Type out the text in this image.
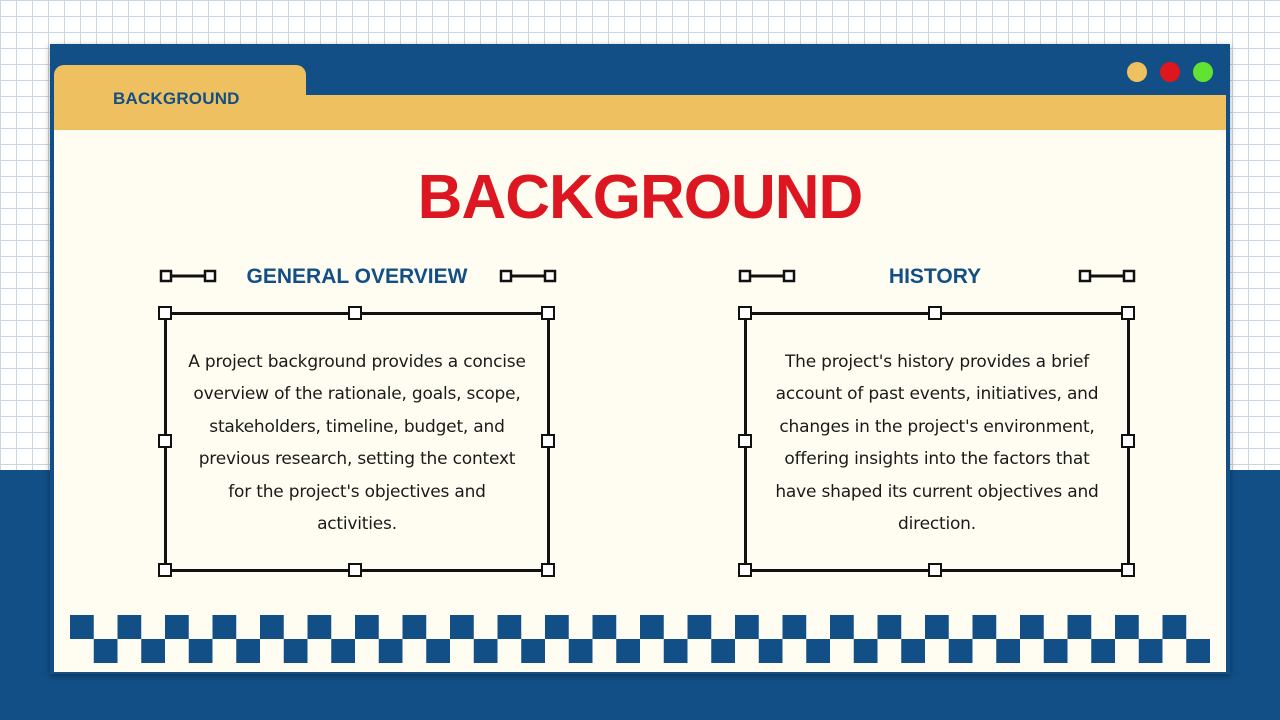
BACKGROUND
BACKGROUND
GENERAL OVERVIEW
A project background provides a concise overview of the rationale, goals, scope, stakeholders, timeline, budget, and previous research, setting the context for the project's objectives and activities.
HISTORY
The project's history provides a brief account of past events, initiatives, and changes in the project's environment, offering insights into the factors that have shaped its current objectives and direction.
